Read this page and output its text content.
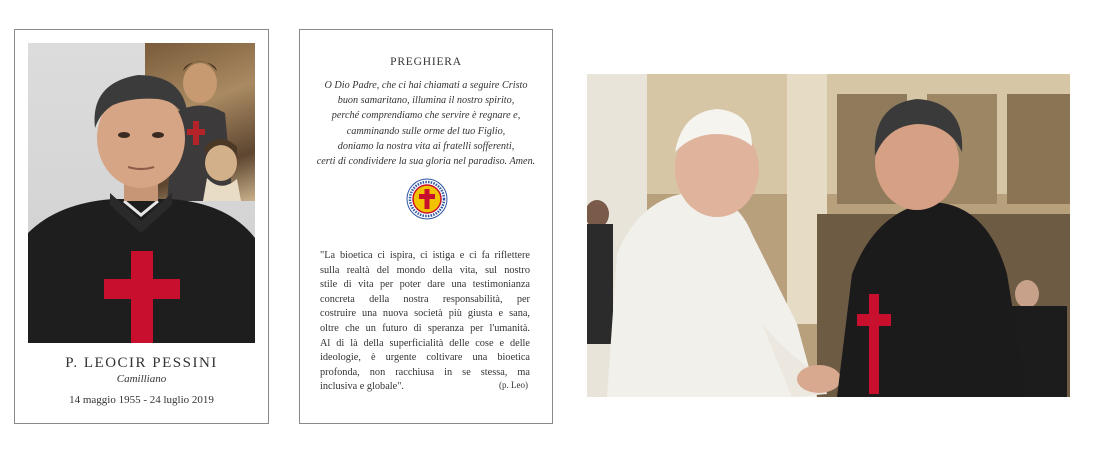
P. LEOCIR PESSINI
Camilliano
14 maggio 1955 - 24 luglio 2019
PREGHIERA
O Dio Padre, che ci hai chiamati a seguire Cristo
buon samaritano, illumina il nostro spirito,
perché comprendiamo che servire è regnare e,
camminando sulle orme del tuo Figlio,
doniamo la nostra vita ai fratelli sofferenti,
certi di condividere la sua gloria nel paradiso. Amen.
"La bioetica ci ispira, ci istiga e ci fa riflettere
sulla realtà del mondo della vita, sul nostro
stile di vita per poter dare una testimonianza
concreta della nostra responsabilità, per
costruire una nuova società più giusta e sana,
oltre che un futuro di speranza per l'umanità.
Al di là della superficialità delle cose e delle
ideologie, è urgente coltivare una bioetica
profonda, non racchiusa in se stessa, ma
inclusiva e globale".	(p. Leo)
